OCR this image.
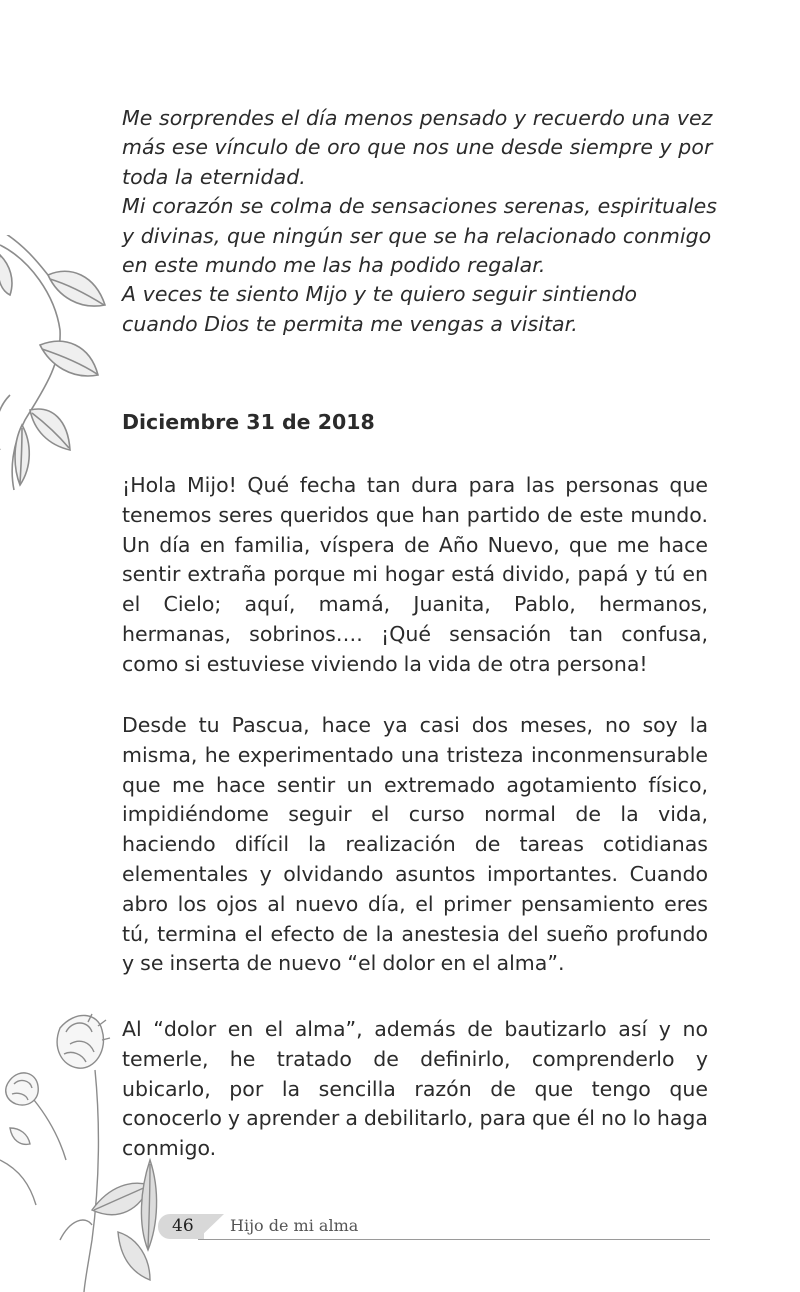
Me sorprendes el día menos pensado y recuerdo una vez

más ese vínculo de oro que nos une desde siempre y por

toda la eternidad.

Mi corazón se colma de sensaciones serenas, espirituales

y divinas, que ningún ser que se ha relacionado conmigo

en este mundo me las ha podido regalar.

A veces te siento Mijo y te quiero seguir sintiendo

cuando Dios te permita me vengas a visitar.

Diciembre 31 de 2018

¡Hola Mijo! Qué fecha tan dura para las personas que tenemos seres queridos que han partido de este mundo. Un día en familia, víspera de Año Nuevo, que me hace sentir extraña porque mi hogar está divido, papá y tú en el Cielo; aquí, mamá, Juanita, Pablo, hermanos, hermanas, sobrinos…. ¡Qué sensación tan confusa, como si estuviese viviendo la vida de otra persona!

Desde tu Pascua, hace ya casi dos meses, no soy la misma, he experimentado una tristeza inconmensurable que me hace sentir un extremado agotamiento físico, impidiéndome seguir el curso normal de la vida, haciendo difícil la realización de tareas cotidianas elementales y olvidando asuntos importantes. Cuando abro los ojos al nuevo día, el primer pensamiento eres tú, termina el efecto de la anestesia del sueño profundo y se inserta de nuevo “el dolor en el alma”.

Al “dolor en el alma”, además de bautizarlo así y no temerle, he tratado de definirlo, comprenderlo y ubicarlo, por la sencilla razón de que tengo que conocerlo y aprender a debilitarlo, para que él no lo haga conmigo.

46 Hijo de mi alma
